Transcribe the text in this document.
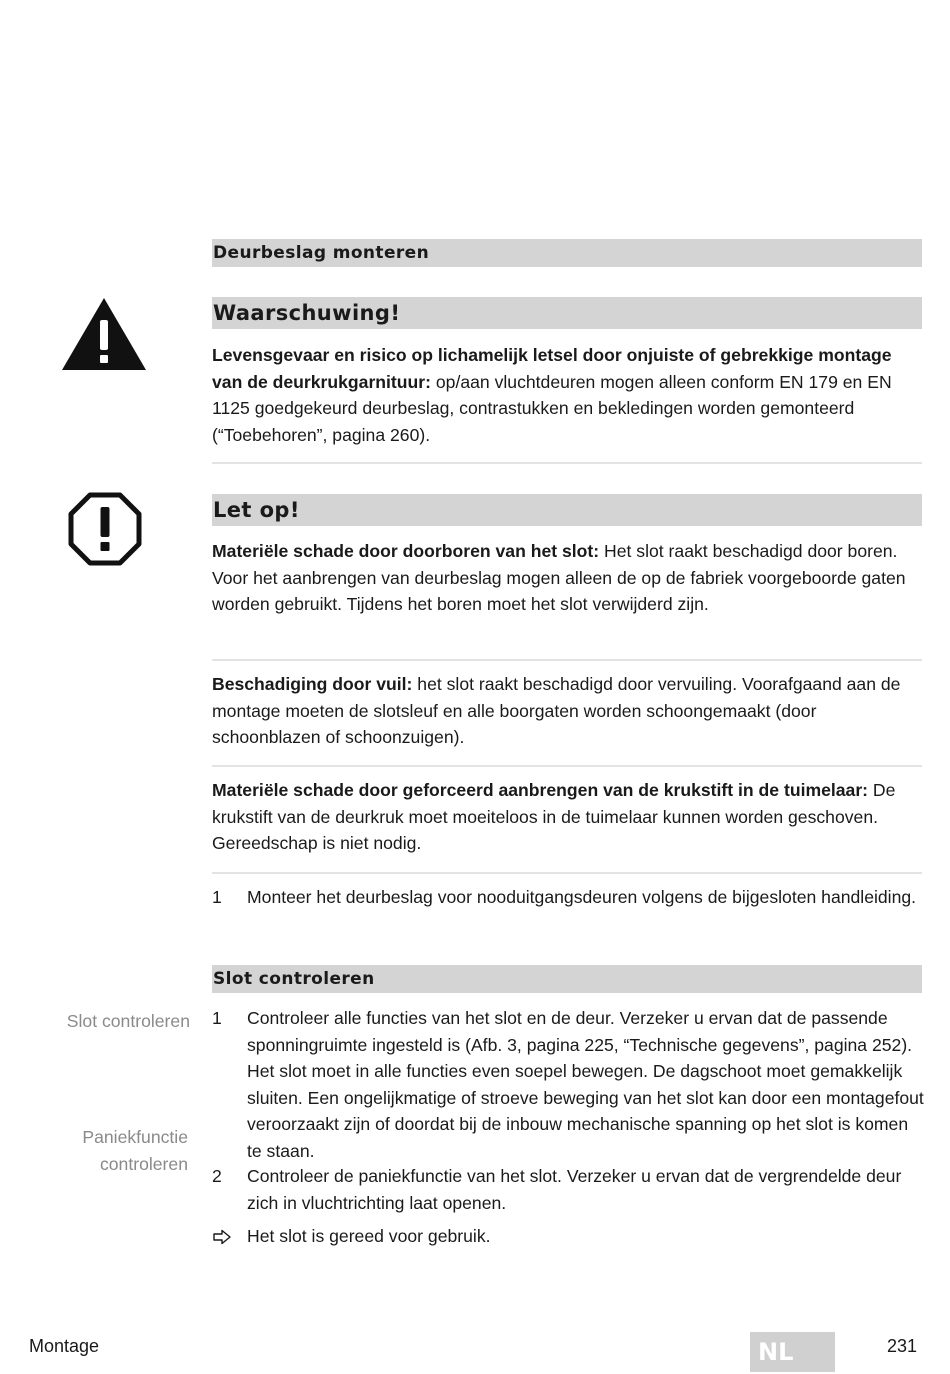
Deurbeslag monteren
Waarschuwing!

Levensgevaar en risico op lichamelijk letsel door onjuiste of gebrekkige montage van de deurkrukgarnituur: op/aan vluchtdeuren mogen alleen conform EN 179 en EN 1125 goedgekeurd deurbeslag, contrastukken en bekledingen worden gemonteerd (“Toebehoren”, pagina 260).

Let op!

Materiële schade door doorboren van het slot: Het slot raakt beschadigd door boren. Voor het aanbrengen van deurbeslag mogen alleen de op de fabriek voorgeboorde gaten worden gebruikt. Tijdens het boren moet het slot verwijderd zijn.

Beschadiging door vuil: het slot raakt beschadigd door vervuiling. Voorafgaand aan de montage moeten de slotsleuf en alle boorgaten worden schoongemaakt (door schoonblazen of schoonzuigen).

Materiële schade door geforceerd aanbrengen van de krukstift in de tuimelaar: De krukstift van de deurkruk moet moeiteloos in de tuimelaar kunnen worden geschoven. Gereedschap is niet nodig.

1 Monteer het deurbeslag voor nooduitgangsdeuren volgens de bijgesloten handleiding.
Slot controleren
Slot controleren
Paniekfunctie controleren
1 Controleer alle functies van het slot en de deur. Verzeker u ervan dat de passende sponningruimte ingesteld is (Afb. 3, pagina 225, “Technische gegevens”, pagina 252). Het slot moet in alle functies even soepel bewegen. De dagschoot moet gemakkelijk sluiten. Een ongelijkmatige of stroeve beweging van het slot kan door een montagefout veroorzaakt zijn of doordat bij de inbouw mechanische spanning op het slot is komen te staan.
2 Controleer de paniekfunctie van het slot. Verzeker u ervan dat de vergrendelde deur zich in vluchtrichting laat openen.
Het slot is gereed voor gebruik.
Montage	NL	231
